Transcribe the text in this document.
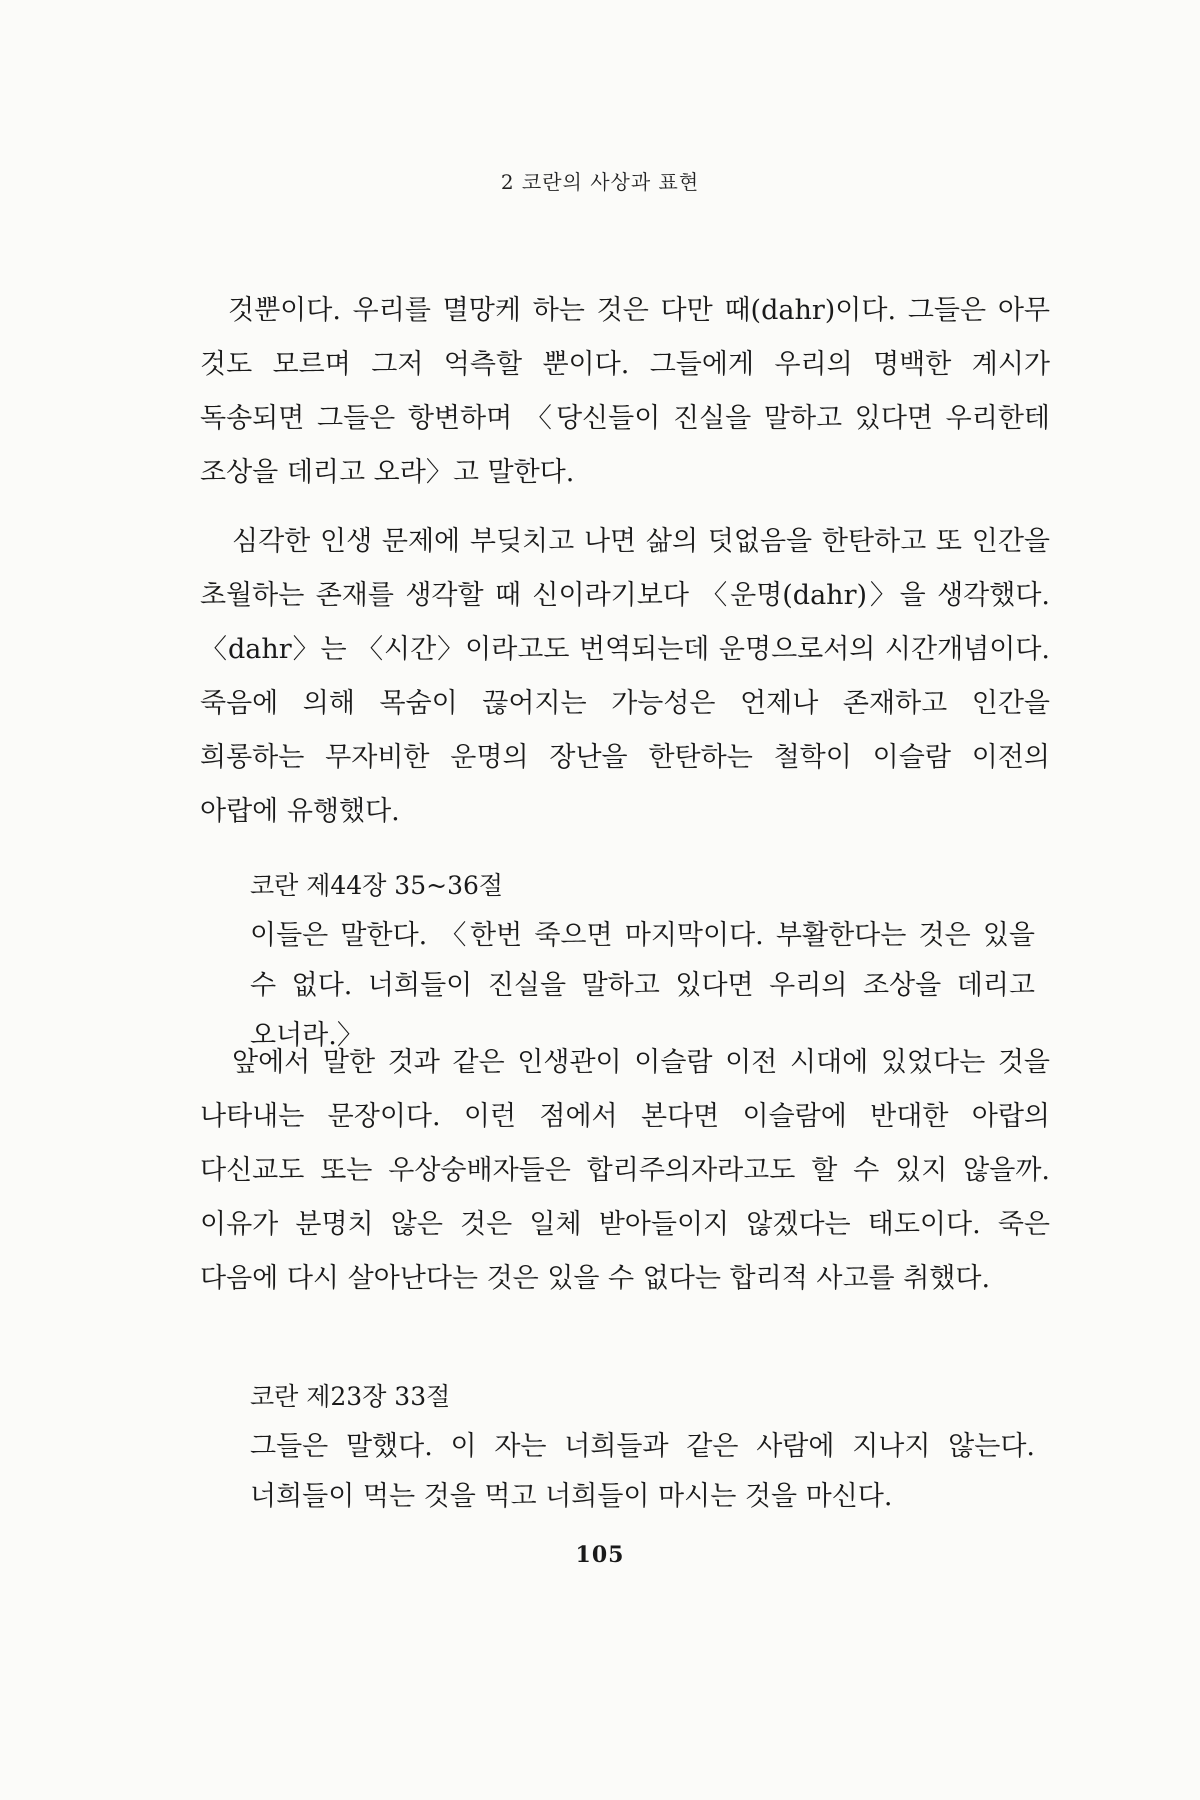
2 코란의 사상과 표현
것뿐이다. 우리를 멸망케 하는 것은 다만 때(dahr)이다. 그들은 아무 것도 모르며 그저 억측할 뿐이다. 그들에게 우리의 명백한 계시가 독송되면 그들은 항변하며 〈당신들이 진실을 말하고 있다면 우리한테 조상을 데리고 오라〉고 말한다.
심각한 인생 문제에 부딪치고 나면 삶의 덧없음을 한탄하고 또 인간을 초월하는 존재를 생각할 때 신이라기보다 〈운명(dahr)〉을 생각했다. 〈dahr〉는 〈시간〉이라고도 번역되는데 운명으로서의 시간개념이다. 죽음에 의해 목숨이 끊어지는 가능성은 언제나 존재하고 인간을 희롱하는 무자비한 운명의 장난을 한탄하는 철학이 이슬람 이전의 아랍에 유행했다.
코란 제44장 35~36절
이들은 말한다. 〈한번 죽으면 마지막이다. 부활한다는 것은 있을 수 없다. 너희들이 진실을 말하고 있다면 우리의 조상을 데리고 오너라.〉
앞에서 말한 것과 같은 인생관이 이슬람 이전 시대에 있었다는 것을 나타내는 문장이다. 이런 점에서 본다면 이슬람에 반대한 아랍의 다신교도 또는 우상숭배자들은 합리주의자라고도 할 수 있지 않을까. 이유가 분명치 않은 것은 일체 받아들이지 않겠다는 태도이다. 죽은 다음에 다시 살아난다는 것은 있을 수 없다는 합리적 사고를 취했다.
코란 제23장 33절
그들은 말했다. 이 자는 너희들과 같은 사람에 지나지 않는다. 너희들이 먹는 것을 먹고 너희들이 마시는 것을 마신다.
105
